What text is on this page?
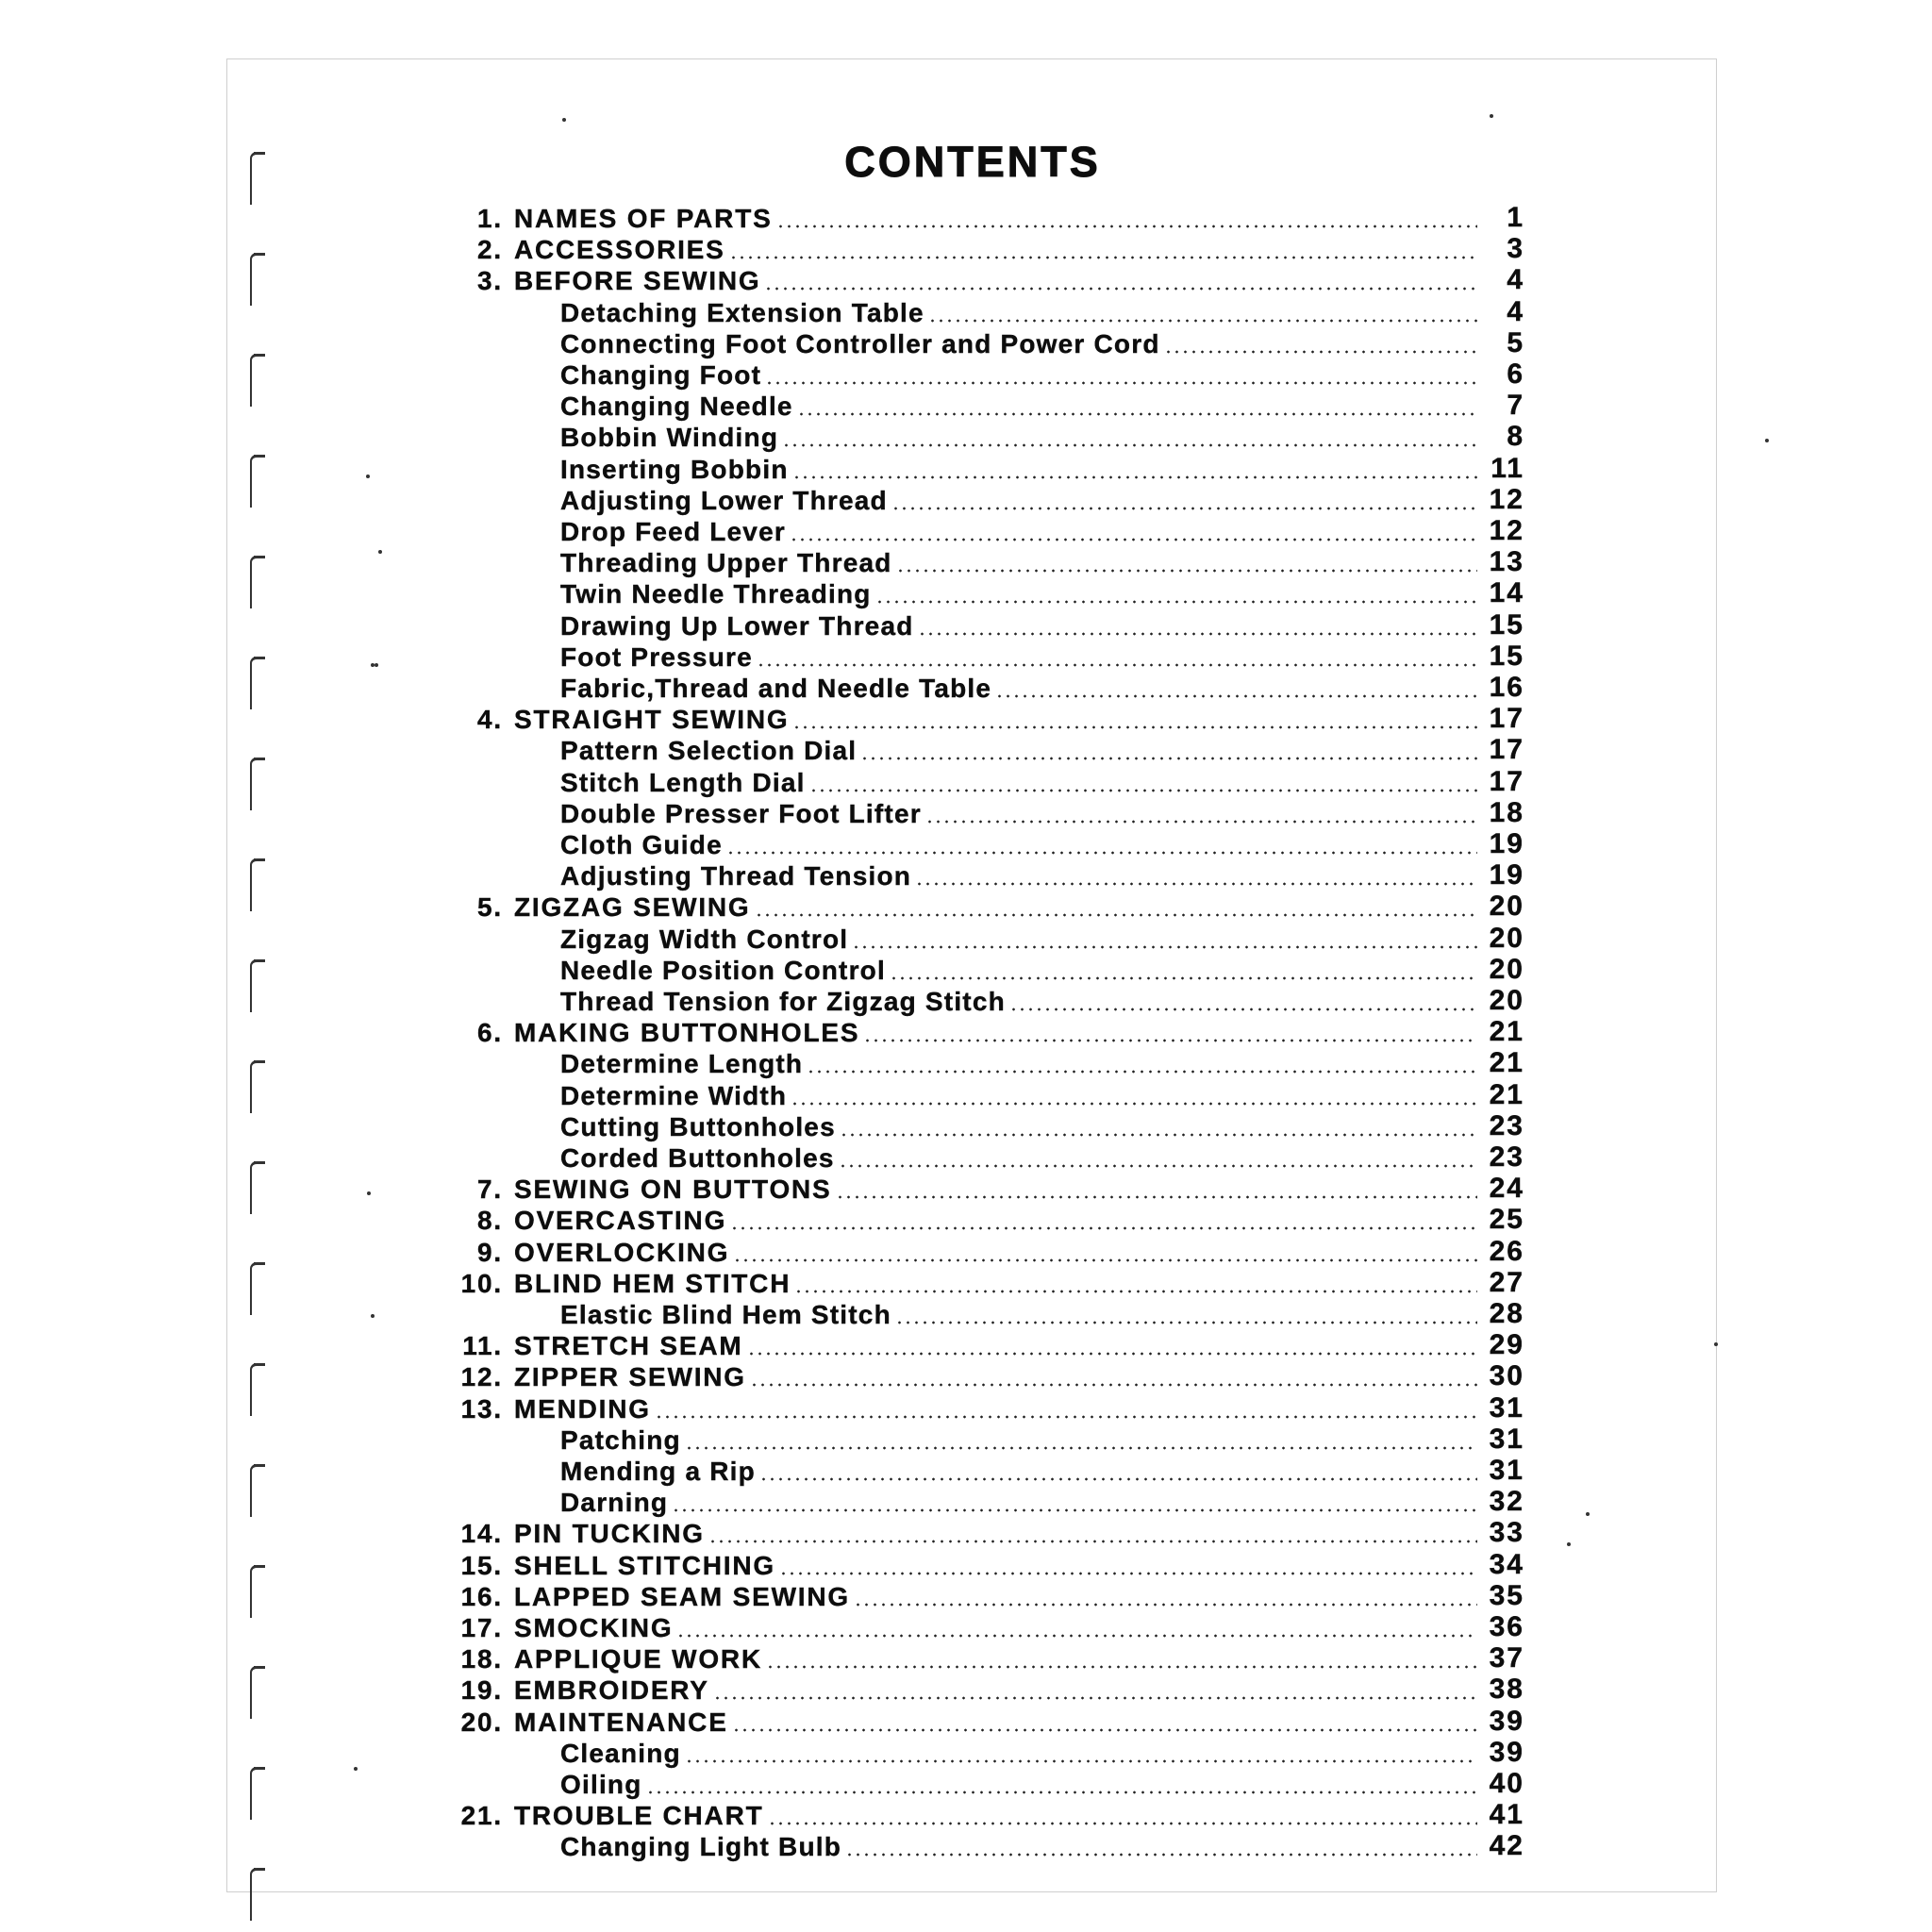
CONTENTS
1. NAMES OF PARTS	1
2. ACCESSORIES	3
3. BEFORE SEWING	4
Detaching Extension Table	4
Connecting Foot Controller and Power Cord	5
Changing Foot	6
Changing Needle	7
Bobbin Winding	8
Inserting Bobbin	11
Adjusting Lower Thread	12
Drop Feed Lever	12
Threading Upper Thread	13
Twin Needle Threading	14
Drawing Up Lower Thread	15
Foot Pressure	15
Fabric,Thread and Needle Table	16
4. STRAIGHT SEWING	17
Pattern Selection Dial	17
Stitch Length Dial	17
Double Presser Foot Lifter	18
Cloth Guide	19
Adjusting Thread Tension	19
5. ZIGZAG SEWING	20
Zigzag Width Control	20
Needle Position Control	20
Thread Tension for Zigzag Stitch	20
6. MAKING BUTTONHOLES	21
Determine Length	21
Determine Width	21
Cutting Buttonholes	23
Corded Buttonholes	23
7. SEWING ON BUTTONS	24
8. OVERCASTING	25
9. OVERLOCKING	26
10. BLIND HEM STITCH	27
Elastic Blind Hem Stitch	28
11. STRETCH SEAM	29
12. ZIPPER SEWING	30
13. MENDING	31
Patching	31
Mending a Rip	31
Darning	32
14. PIN TUCKING	33
15. SHELL STITCHING	34
16. LAPPED SEAM SEWING	35
17. SMOCKING	36
18. APPLIQUE WORK	37
19. EMBROIDERY	38
20. MAINTENANCE	39
Cleaning	39
Oiling	40
21. TROUBLE CHART	41
Changing Light Bulb	42
